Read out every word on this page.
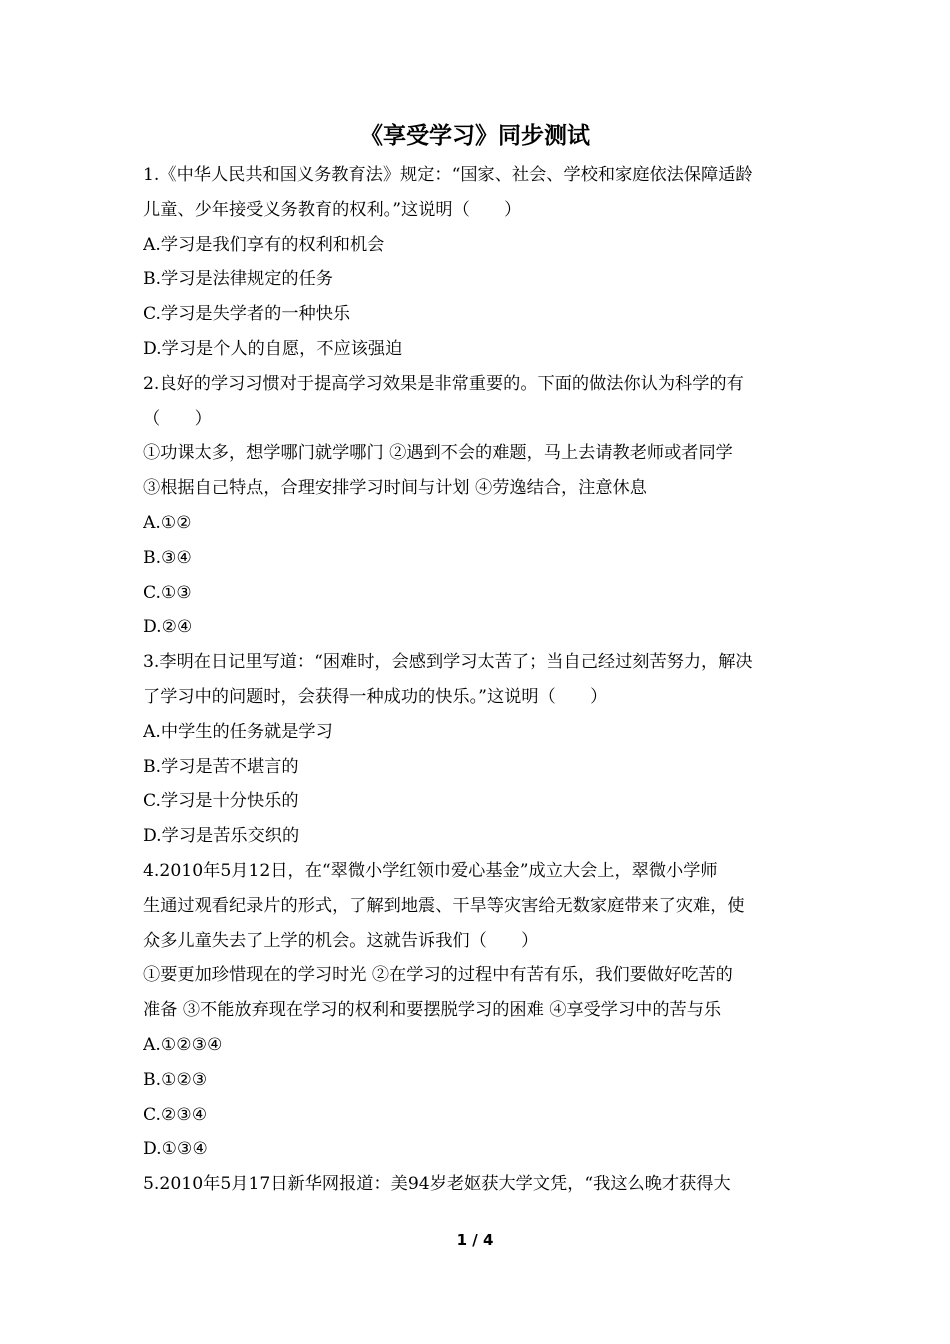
《享受学习》同步测试
1.《中华人民共和国义务教育法》规定：“国家、社会、学校和家庭依法保障适龄
儿童、少年接受义务教育的权利。”这说明（　　）
A.学习是我们享有的权利和机会
B.学习是法律规定的任务
C.学习是失学者的一种快乐
D.学习是个人的自愿，不应该强迫
2.良好的学习习惯对于提高学习效果是非常重要的。下面的做法你认为科学的有
（　　）
①功课太多，想学哪门就学哪门 ②遇到不会的难题，马上去请教老师或者同学
③根据自己特点，合理安排学习时间与计划 ④劳逸结合，注意休息
A.①②
B.③④
C.①③
D.②④
3.李明在日记里写道：“困难时，会感到学习太苦了；当自己经过刻苦努力，解决
了学习中的问题时，会获得一种成功的快乐。”这说明（　　）
A.中学生的任务就是学习
B.学习是苦不堪言的
C.学习是十分快乐的
D.学习是苦乐交织的
4.2010年5月12日，在“翠微小学红领巾爱心基金”成立大会上，翠微小学师
生通过观看纪录片的形式，了解到地震、干旱等灾害给无数家庭带来了灾难，使
众多儿童失去了上学的机会。这就告诉我们（　　）
①要更加珍惜现在的学习时光 ②在学习的过程中有苦有乐，我们要做好吃苦的
准备 ③不能放弃现在学习的权利和要摆脱学习的困难 ④享受学习中的苦与乐
A.①②③④
B.①②③
C.②③④
D.①③④
5.2010年5月17日新华网报道：美94岁老妪获大学文凭，“我这么晚才获得大
1 / 4
